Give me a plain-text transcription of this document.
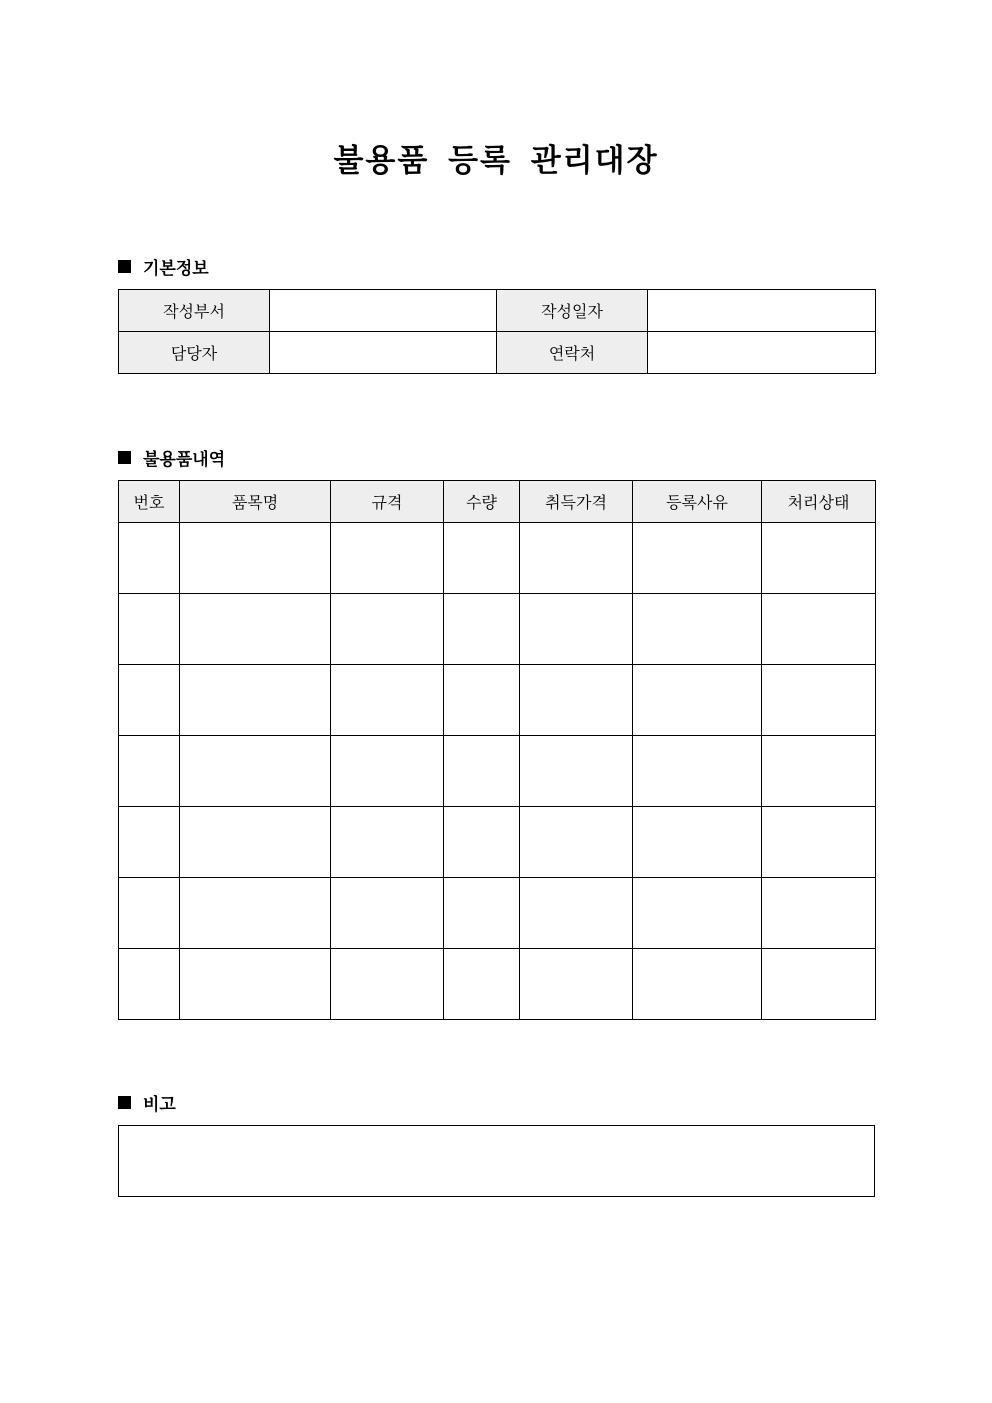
불용품 등록 관리대장
기본정보
작성부서		작성일자	
담당자		연락처	
불용품내역
번호	품목명	규격	수량	취득가격	등록사유	처리상태

비고
